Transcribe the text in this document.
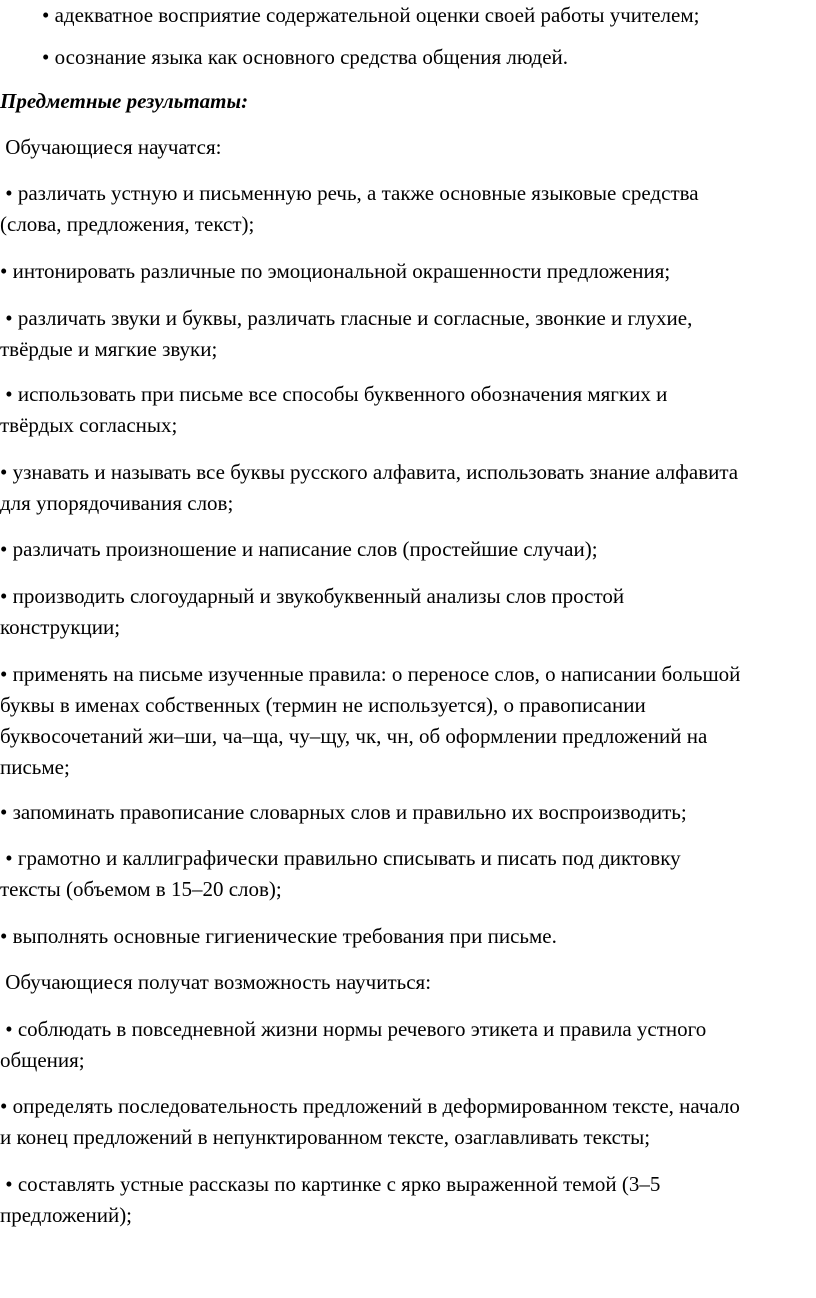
• адекватное восприятие содержательной оценки своей работы учителем;

• осознание языка как основного средства общения людей.

Предметные результаты:

Обучающиеся научатся:

• различать устную и письменную речь, а также основные языковые средства
(слова, предложения, текст);

• интонировать различные по эмоциональной окрашенности предложения;

• различать звуки и буквы, различать гласные и согласные, звонкие и глухие,
твёрдые и мягкие звуки;

• использовать при письме все способы буквенного обозначения мягких и
твёрдых согласных;

• узнавать и называть все буквы русского алфавита, использовать знание алфавита
для упорядочивания слов;

• различать произношение и написание слов (простейшие случаи);

• производить слогоударный и звукобуквенный анализы слов простой
конструкции;

• применять на письме изученные правила: о переносе слов, о написании большой
буквы в именах собственных (термин не используется), о правописании
буквосочетаний жи–ши, ча–ща, чу–щу, чк, чн, об оформлении предложений на
письме;

• запоминать правописание словарных слов и правильно их воспроизводить;

• грамотно и каллиграфически правильно списывать и писать под диктовку
тексты (объемом в 15–20 слов);

• выполнять основные гигиенические требования при письме.

Обучающиеся получат возможность научиться:

• соблюдать в повседневной жизни нормы речевого этикета и правила устного
общения;

• определять последовательность предложений в деформированном тексте, начало
и конец предложений в непунктированном тексте, озаглавливать тексты;

• составлять устные рассказы по картинке с ярко выраженной темой (3–5
предложений);
